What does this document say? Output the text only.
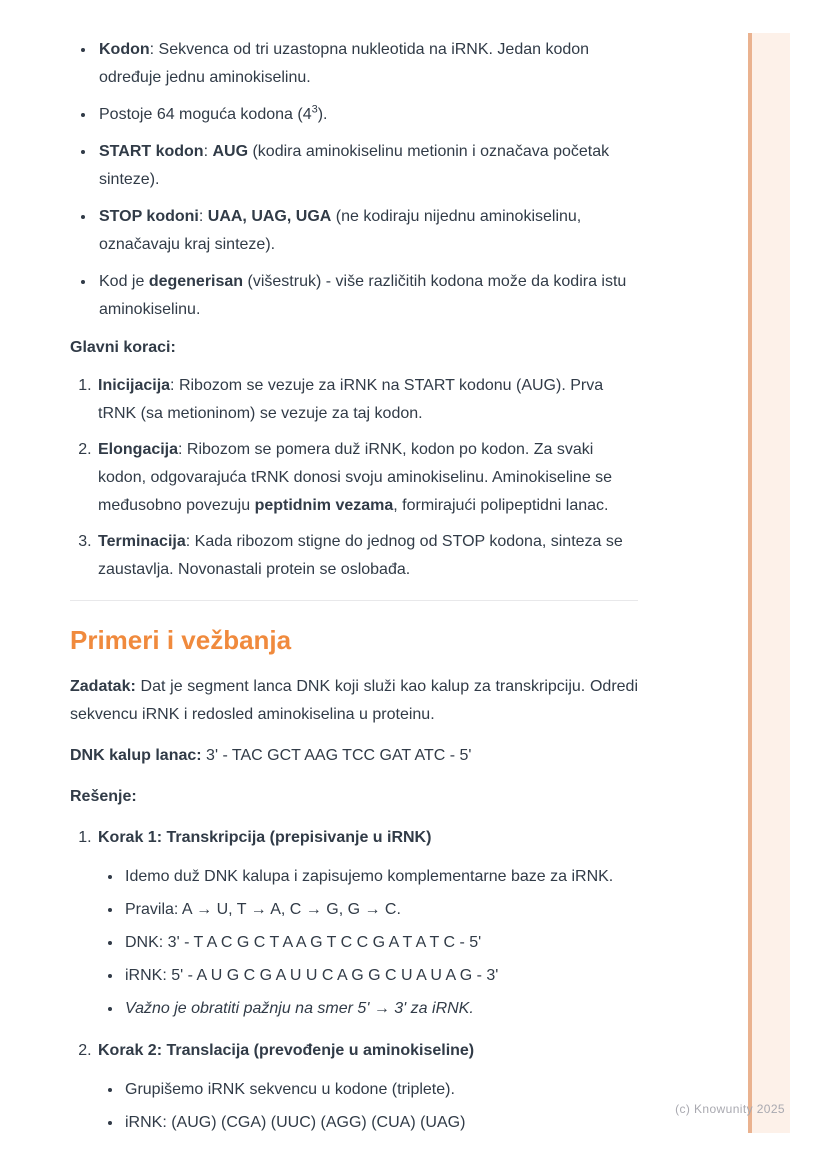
• Kodon: Sekvenca od tri uzastopna nukleotida na iRNK. Jedan kodon određuje jednu aminokiselinu.
• Postoje 64 moguća kodona $(4^3)$.
• START kodon: AUG (kodira aminokiselinu metionin i označava početak sinteze).
• STOP kodoni: UAA, UAG, UGA (ne kodiraju nijednu aminokiselinu, označavaju kraj sinteze).
• Kod je degenerisan (višestruk) - više različitih kodona može da kodira istu aminokiselinu.
Glavni koraci:
1. Inicijacija: Ribozom se vezuje za iRNK na START kodonu (AUG). Prva tRNK (sa metioninom) se vezuje za taj kodon.
2. Elongacija: Ribozom se pomera duž iRNK, kodon po kodon. Za svaki kodon, odgovarajuća tRNK donosi svoju aminokiselinu. Aminokiseline se međusobno povezuju peptidnim vezama, formirajući polipeptidni lanac.
3. Terminacija: Kada ribozom stigne do jednog od STOP kodona, sinteza se zaustavlja. Novonastali protein se oslobađa.
Primeri i vežbanja

Zadatak: Dat je segment lanca DNK koji služi kao kalup za transkripciju. Odredi sekvencu iRNK i redosled aminokiselina u proteinu.

DNK kalup lanac: 3' - TAC GCT AAG TCC GAT ATC - 5'

Rešenje:

1. Korak 1: Transkripcija (prepisivanje u iRNK)
• Idemo duž DNK kalupa i zapisujemo komplementarne baze za iRNK.
• Pravila: A → U, T → A, C → G, G → C.
• DNK: 3' - T A C G C T A A G T C C G A T A T C - 5'
• iRNK: 5' - A U G C G A U U C A G G C U A U A G - 3'
• Važno je obratiti pažnju na smer 5' → 3' za iRNK.
2. Korak 2: Translacija (prevođenje u aminokiseline)
• Grupišemo iRNK sekvencu u kodone (triplete).
• iRNK: (AUG) (CGA) (UUC) (AGG) (CUA) (UAG)
(c) Knowunity 2025
